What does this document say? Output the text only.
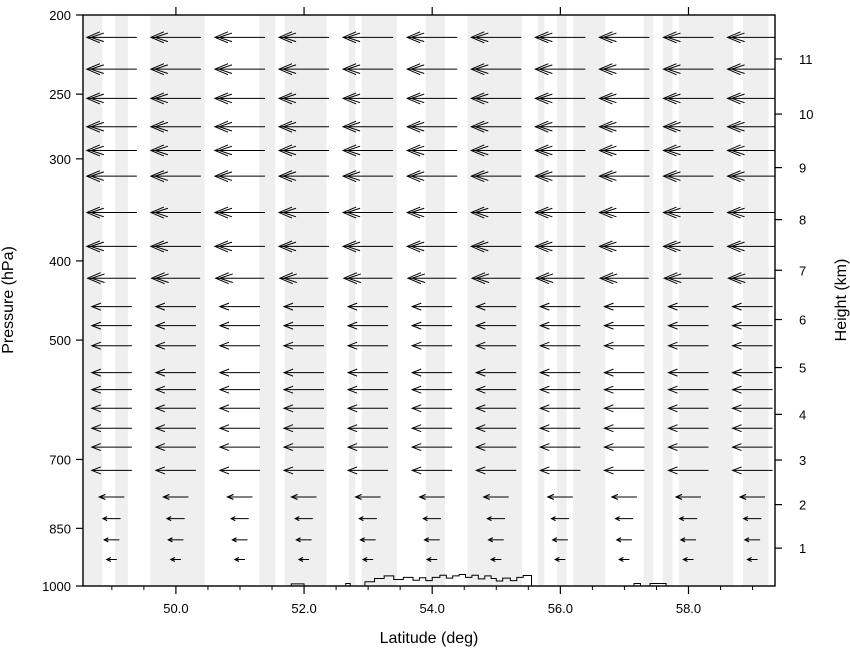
50.0	52.0	54.0	56.0	58.0
200
250
300
400
500
700
850
1000
1
2
3
4
5
6
7
8
9
10
11
Latitude (deg)
Pressure (hPa)	Height (km)
